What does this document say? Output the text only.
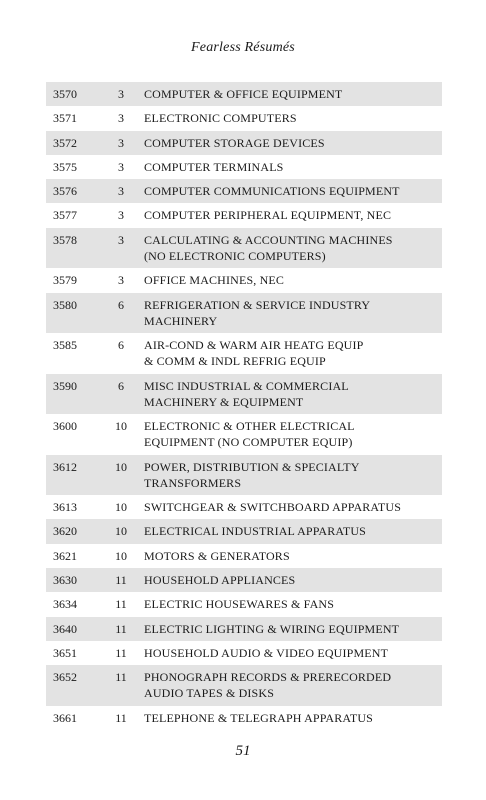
Fearless Résumés
3570	3	COMPUTER & OFFICE EQUIPMENT
3571	3	ELECTRONIC COMPUTERS
3572	3	COMPUTER STORAGE DEVICES
3575	3	COMPUTER TERMINALS
3576	3	COMPUTER COMMUNICATIONS EQUIPMENT
3577	3	COMPUTER PERIPHERAL EQUIPMENT, NEC
3578	3	CALCULATING & ACCOUNTING MACHINES
(NO ELECTRONIC COMPUTERS)
3579	3	OFFICE MACHINES, NEC
3580	6	REFRIGERATION & SERVICE INDUSTRY
MACHINERY
3585	6	AIR-COND & WARM AIR HEATG EQUIP
& COMM & INDL REFRIG EQUIP
3590	6	MISC INDUSTRIAL & COMMERCIAL
MACHINERY & EQUIPMENT
3600	10	ELECTRONIC & OTHER ELECTRICAL
EQUIPMENT (NO COMPUTER EQUIP)
3612	10	POWER, DISTRIBUTION & SPECIALTY
TRANSFORMERS
3613	10	SWITCHGEAR & SWITCHBOARD APPARATUS
3620	10	ELECTRICAL INDUSTRIAL APPARATUS
3621	10	MOTORS & GENERATORS
3630	11	HOUSEHOLD APPLIANCES
3634	11	ELECTRIC HOUSEWARES & FANS
3640	11	ELECTRIC LIGHTING & WIRING EQUIPMENT
3651	11	HOUSEHOLD AUDIO & VIDEO EQUIPMENT
3652	11	PHONOGRAPH RECORDS & PRERECORDED
AUDIO TAPES & DISKS
3661	11	TELEPHONE & TELEGRAPH APPARATUS
51
